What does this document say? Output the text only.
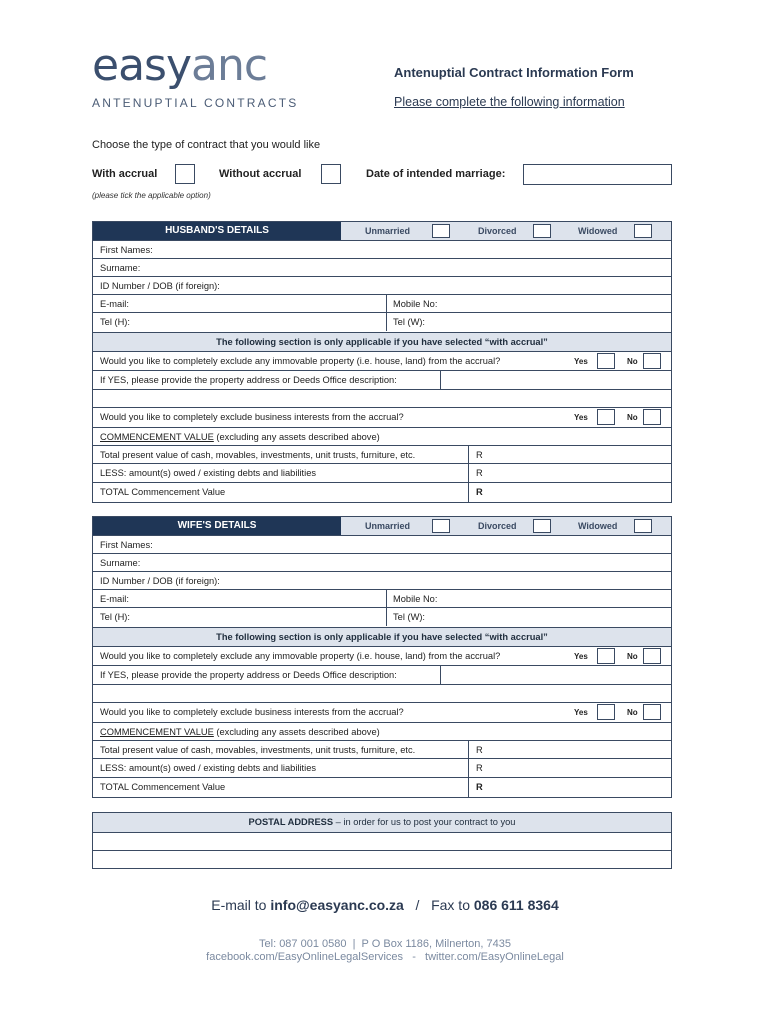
easyanc
ANTENUPTIAL CONTRACTS
Antenuptial Contract Information Form
Please complete the following information
Choose the type of contract that you would like
With accrual	Without accrual	Date of intended marriage:
(please tick the applicable option)
HUSBAND'S DETAILS	Unmarried	Divorced	Widowed
First Names:
Surname:
ID Number / DOB (if foreign):
E-mail:	Mobile No:
Tel (H):	Tel (W):
The following section is only applicable if you have selected “with accrual”
Would you like to completely exclude any immovable property (i.e. house, land) from the accrual?	Yes	No
If YES, please provide the property address or Deeds Office description:
Would you like to completely exclude business interests from the accrual?	Yes	No
COMMENCEMENT VALUE (excluding any assets described above)
Total present value of cash, movables, investments, unit trusts, furniture, etc.	R
LESS: amount(s) owed / existing debts and liabilities	R
TOTAL Commencement Value	R
WIFE'S DETAILS	Unmarried	Divorced	Widowed
First Names:
Surname:
ID Number / DOB (if foreign):
E-mail:	Mobile No:
Tel (H):	Tel (W):
The following section is only applicable if you have selected “with accrual”
Would you like to completely exclude any immovable property (i.e. house, land) from the accrual?	Yes	No
If YES, please provide the property address or Deeds Office description:
Would you like to completely exclude business interests from the accrual?	Yes	No
COMMENCEMENT VALUE (excluding any assets described above)
Total present value of cash, movables, investments, unit trusts, furniture, etc.	R
LESS: amount(s) owed / existing debts and liabilities	R
TOTAL Commencement Value	R
POSTAL ADDRESS – in order for us to post your contract to you
E-mail to info@easyanc.co.za   /   Fax to 086 611 8364
Tel: 087 001 0580  |  P O Box 1186, Milnerton, 7435
facebook.com/EasyOnlineLegalServices   -   twitter.com/EasyOnlineLegal
